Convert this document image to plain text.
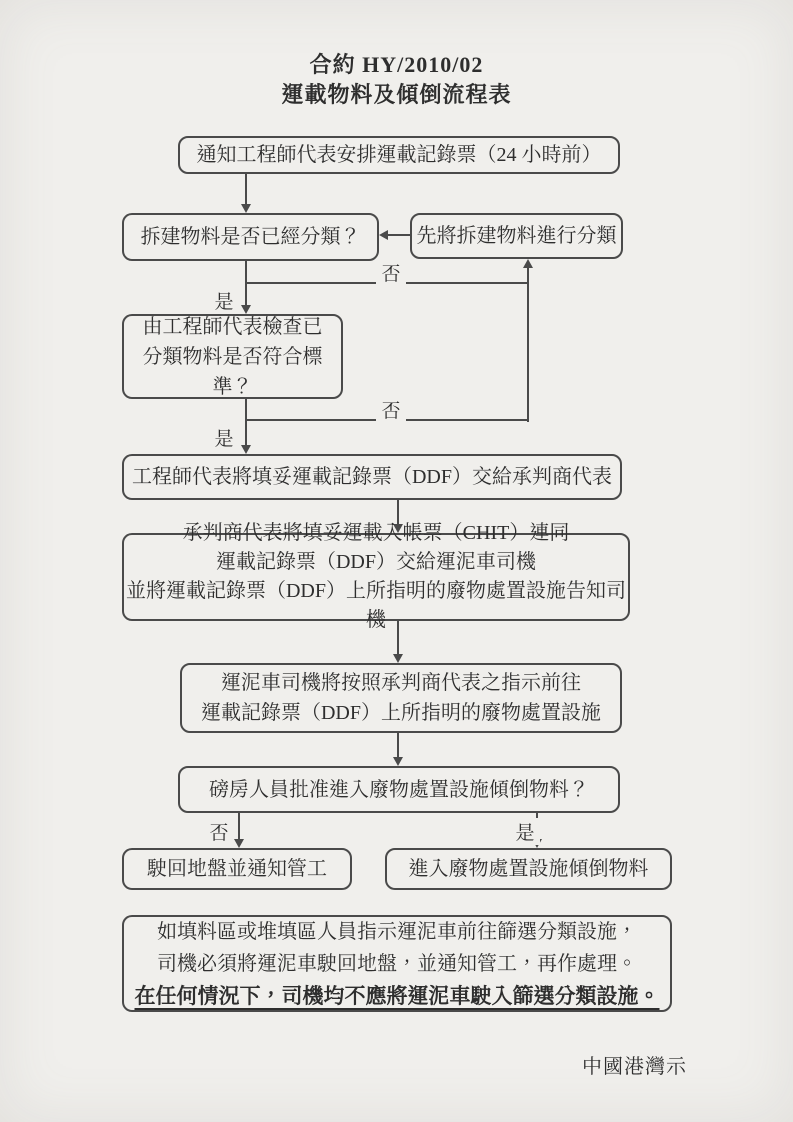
合約 HY/2010/02
運載物料及傾倒流程表
通知工程師代表安排運載記錄票（24 小時前）
拆建物料是否已經分類？	先將拆建物料進行分類
否
是
由工程師代表檢查已
分類物料是否符合標準？
否
是
工程師代表將填妥運載記錄票（DDF）交給承判商代表
承判商代表將填妥運載入帳票（CHIT）連同
運載記錄票（DDF）交給運泥車司機
並將運載記錄票（DDF）上所指明的廢物處置設施告知司機
運泥車司機將按照承判商代表之指示前往
運載記錄票（DDF）上所指明的廢物處置設施
磅房人員批准進入廢物處置設施傾倒物料？
否	是
駛回地盤並通知管工	進入廢物處置設施傾倒物料
如填料區或堆填區人員指示運泥車前往篩選分類設施，
司機必須將運泥車駛回地盤，並通知管工，再作處理。
在任何情況下，司機均不應將運泥車駛入篩選分類設施。
中國港灣示
